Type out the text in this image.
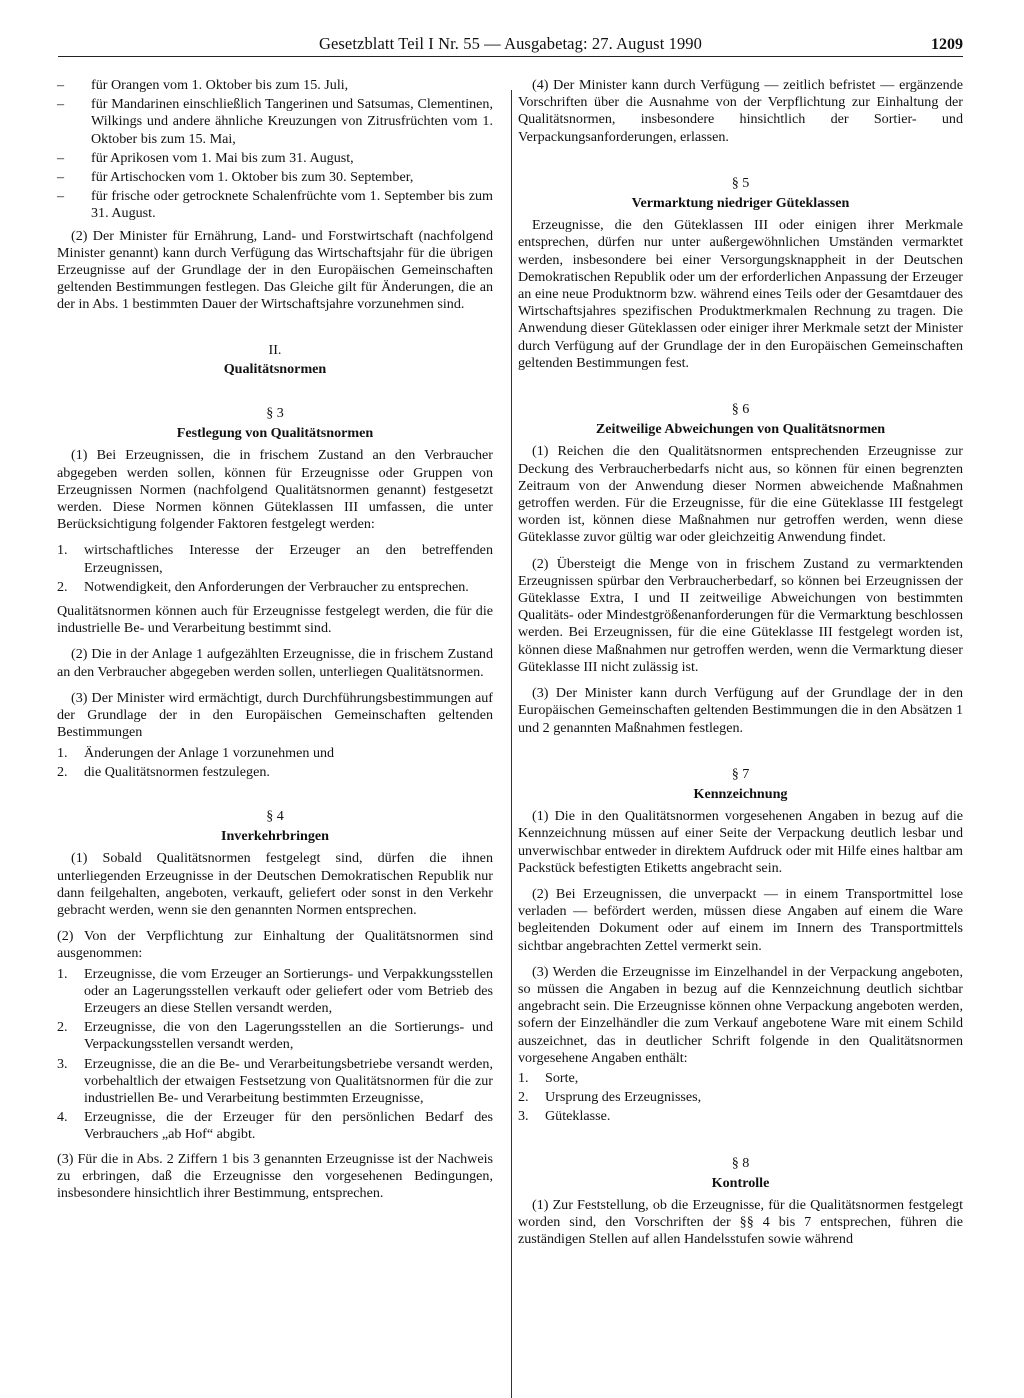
Gesetzblatt Teil I Nr. 55 — Ausgabetag: 27. August 1990	1209
–	für Orangen vom 1. Oktober bis zum 15. Juli,
–	für Mandarinen einschließlich Tangerinen und Satsumas, Clementinen, Wilkings und andere ähnliche Kreuzungen von Zitrusfrüchten vom 1. Oktober bis zum 15. Mai,
–	für Aprikosen vom 1. Mai bis zum 31. August,
–	für Artischocken vom 1. Oktober bis zum 30. September,
–	für frische oder getrocknete Schalenfrüchte vom 1. September bis zum 31. August.

(2) Der Minister für Ernährung, Land- und Forstwirtschaft (nachfolgend Minister genannt) kann durch Verfügung das Wirtschaftsjahr für die übrigen Erzeugnisse auf der Grundlage der in den Europäischen Gemeinschaften geltenden Bestimmungen festlegen. Das Gleiche gilt für Änderungen, die an der in Abs. 1 bestimmten Dauer der Wirtschaftsjahre vorzunehmen sind.

II.
Qualitätsnormen
§ 3
Festlegung von Qualitätsnormen

(1) Bei Erzeugnissen, die in frischem Zustand an den Verbraucher abgegeben werden sollen, können für Erzeugnisse oder Gruppen von Erzeugnissen Normen (nachfolgend Qualitätsnormen genannt) festgesetzt werden. Diese Normen können Güteklassen III umfassen, die unter Berücksichtigung folgender Faktoren festgelegt werden:

1.	wirtschaftliches Interesse der Erzeuger an den betreffenden Erzeugnissen,
2.	Notwendigkeit, den Anforderungen der Verbraucher zu entsprechen.

Qualitätsnormen können auch für Erzeugnisse festgelegt werden, die für die industrielle Be- und Verarbeitung bestimmt sind.

(2) Die in der Anlage 1 aufgezählten Erzeugnisse, die in frischem Zustand an den Verbraucher abgegeben werden sollen, unterliegen Qualitätsnormen.

(3) Der Minister wird ermächtigt, durch Durchführungsbestimmungen auf der Grundlage der in den Europäischen Gemeinschaften geltenden Bestimmungen

1.	Änderungen der Anlage 1 vorzunehmen und
2.	die Qualitätsnormen festzulegen.
§ 4
Inverkehrbringen

(1) Sobald Qualitätsnormen festgelegt sind, dürfen die ihnen unterliegenden Erzeugnisse in der Deutschen Demokratischen Republik nur dann feilgehalten, angeboten, verkauft, geliefert oder sonst in den Verkehr gebracht werden, wenn sie den genannten Normen entsprechen.

(2) Von der Verpflichtung zur Einhaltung der Qualitätsnormen sind ausgenommen:

1.	Erzeugnisse, die vom Erzeuger an Sortierungs- und Verpakkungsstellen oder an Lagerungsstellen verkauft oder geliefert oder vom Betrieb des Erzeugers an diese Stellen versandt werden,
2.	Erzeugnisse, die von den Lagerungsstellen an die Sortierungs- und Verpackungsstellen versandt werden,
3.	Erzeugnisse, die an die Be- und Verarbeitungsbetriebe versandt werden, vorbehaltlich der etwaigen Festsetzung von Qualitätsnormen für die zur industriellen Be- und Verarbeitung bestimmten Erzeugnisse,
4.	Erzeugnisse, die der Erzeuger für den persönlichen Bedarf des Verbrauchers „ab Hof“ abgibt.

(3) Für die in Abs. 2 Ziffern 1 bis 3 genannten Erzeugnisse ist der Nachweis zu erbringen, daß die Erzeugnisse den vorgesehenen Bedingungen, insbesondere hinsichtlich ihrer Bestimmung, entsprechen.

(4) Der Minister kann durch Verfügung — zeitlich befristet — ergänzende Vorschriften über die Ausnahme von der Verpflichtung zur Einhaltung der Qualitätsnormen, insbesondere hinsichtlich der Sortier- und Verpackungsanforderungen, erlassen.

§ 5
Vermarktung niedriger Güteklassen

Erzeugnisse, die den Güteklassen III oder einigen ihrer Merkmale entsprechen, dürfen nur unter außergewöhnlichen Umständen vermarktet werden, insbesondere bei einer Versorgungsknappheit in der Deutschen Demokratischen Republik oder um der erforderlichen Anpassung der Erzeuger an eine neue Produktnorm bzw. während eines Teils oder der Gesamtdauer des Wirtschaftsjahres spezifischen Produktmerkmalen Rechnung zu tragen. Die Anwendung dieser Güteklassen oder einiger ihrer Merkmale setzt der Minister durch Verfügung auf der Grundlage der in den Europäischen Gemeinschaften geltenden Bestimmungen fest.

§ 6
Zeitweilige Abweichungen von Qualitätsnormen

(1) Reichen die den Qualitätsnormen entsprechenden Erzeugnisse zur Deckung des Verbraucherbedarfs nicht aus, so können für einen begrenzten Zeitraum von der Anwendung dieser Normen abweichende Maßnahmen getroffen werden. Für die Erzeugnisse, für die eine Güteklasse III festgelegt worden ist, können diese Maßnahmen nur getroffen werden, wenn diese Güteklasse zuvor gültig war oder gleichzeitig Anwendung findet.

(2) Übersteigt die Menge von in frischem Zustand zu vermarktenden Erzeugnissen spürbar den Verbraucherbedarf, so können bei Erzeugnissen der Güteklasse Extra, I und II zeitweilige Abweichungen von bestimmten Qualitäts- oder Mindestgrößenanforderungen für die Vermarktung beschlossen werden. Bei Erzeugnissen, für die eine Güteklasse III festgelegt worden ist, können diese Maßnahmen nur getroffen werden, wenn die Vermarktung dieser Güteklasse III nicht zulässig ist.

(3) Der Minister kann durch Verfügung auf der Grundlage der in den Europäischen Gemeinschaften geltenden Bestimmungen die in den Absätzen 1 und 2 genannten Maßnahmen festlegen.

§ 7
Kennzeichnung

(1) Die in den Qualitätsnormen vorgesehenen Angaben in bezug auf die Kennzeichnung müssen auf einer Seite der Verpackung deutlich lesbar und unverwischbar entweder in direktem Aufdruck oder mit Hilfe eines haltbar am Packstück befestigten Etiketts angebracht sein.

(2) Bei Erzeugnissen, die unverpackt — in einem Transportmittel lose verladen — befördert werden, müssen diese Angaben auf einem die Ware begleitenden Dokument oder auf einem im Innern des Transportmittels sichtbar angebrachten Zettel vermerkt sein.

(3) Werden die Erzeugnisse im Einzelhandel in der Verpackung angeboten, so müssen die Angaben in bezug auf die Kennzeichnung deutlich sichtbar angebracht sein. Die Erzeugnisse können ohne Verpackung angeboten werden, sofern der Einzelhändler die zum Verkauf angebotene Ware mit einem Schild auszeichnet, das in deutlicher Schrift folgende in den Qualitätsnormen vorgesehene Angaben enthält:

1.	Sorte,
2.	Ursprung des Erzeugnisses,
3.	Güteklasse.
§ 8
Kontrolle

(1) Zur Feststellung, ob die Erzeugnisse, für die Qualitätsnormen festgelegt worden sind, den Vorschriften der §§ 4 bis 7 entsprechen, führen die zuständigen Stellen auf allen Handelsstufen sowie während
